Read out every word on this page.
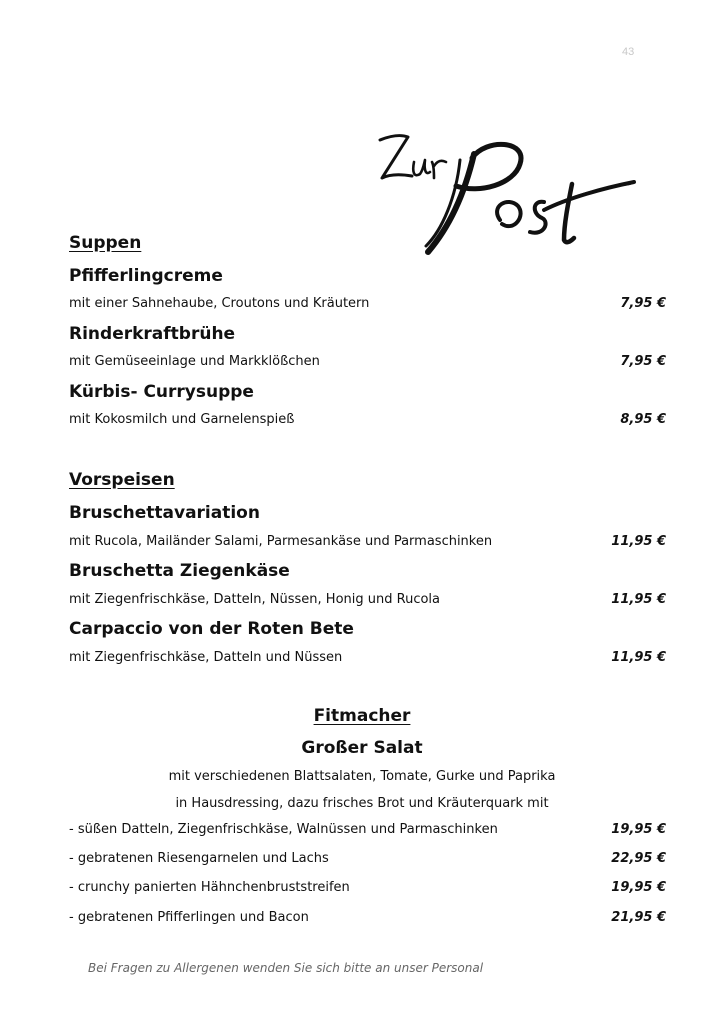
43
Suppen
Pfifferlingcreme
mit einer Sahnehaube, Croutons und Kräutern	7,95 €
Rinderkraftbrühe
mit Gemüseeinlage und Markklößchen	7,95 €
Kürbis- Currysuppe
mit Kokosmilch und Garnelenspieß	8,95 €
Vorspeisen
Bruschettavariation
mit Rucola, Mailänder Salami, Parmesankäse und Parmaschinken	11,95 €
Bruschetta Ziegenkäse
mit Ziegenfrischkäse, Datteln, Nüssen, Honig und Rucola	11,95 €
Carpaccio von der Roten Bete
mit Ziegenfrischkäse, Datteln und Nüssen	11,95 €
Fitmacher
Großer Salat
mit verschiedenen Blattsalaten, Tomate, Gurke und Paprika
in Hausdressing, dazu frisches Brot und Kräuterquark mit
- süßen Datteln, Ziegenfrischkäse, Walnüssen und Parmaschinken	19,95 €
- gebratenen Riesengarnelen und Lachs	22,95 €
- crunchy panierten Hähnchenbruststreifen	19,95 €
- gebratenen Pfifferlingen und Bacon	21,95 €
Bei Fragen zu Allergenen wenden Sie sich bitte an unser Personal
